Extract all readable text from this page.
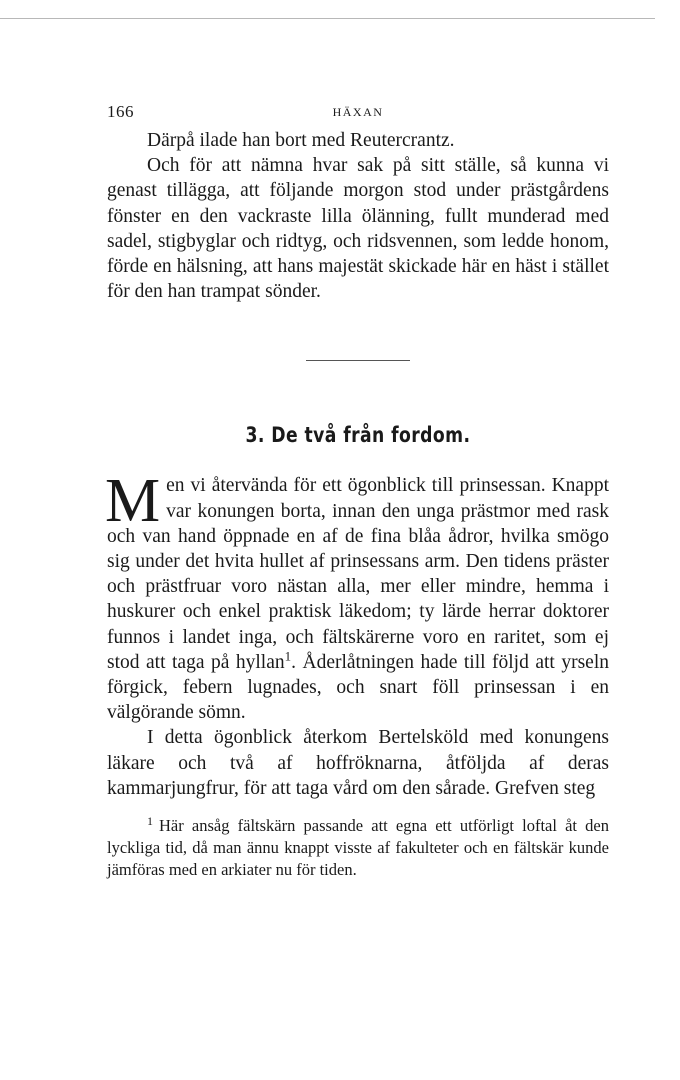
166	HÄXAN

Därpå ilade han bort med Reutercrantz.

Och för att nämna hvar sak på sitt ställe, så kunna vi genast tillägga, att följande morgon stod under prästgårdens fönster en den vackraste lilla ölänning, fullt munderad med sadel, stigbyglar och ridtyg, och ridsvennen, som ledde honom, förde en hälsning, att hans majestät skickade här en häst i stället för den han trampat sönder.

3. De två från fordom.

Men vi återvända för ett ögonblick till prinsessan. Knappt var konungen borta, innan den unga prästmor med rask och van hand öppnade en af de fina blåa ådror, hvilka smögo sig under det hvita hullet af prinsessans arm. Den tidens präster och prästfruar voro nästan alla, mer eller mindre, hemma i huskurer och enkel praktisk läkedom; ty lärde herrar doktorer funnos i landet inga, och fältskärerne voro en raritet, som ej stod att taga på hyllan$^1$. Åderlåtningen hade till följd att yrseln förgick, febern lugnades, och snart föll prinsessan i en välgörande sömn.

I detta ögonblick återkom Bertelsköld med konungens läkare och två af hoffröknarna, åtföljda af deras kammarjungfrur, för att taga vård om den sårade. Grefven steg

$^1$ Här ansåg fältskärn passande att egna ett utförligt loftal åt den lyckliga tid, då man ännu knappt visste af fakulteter och en fältskär kunde jämföras med en arkiater nu för tiden.
